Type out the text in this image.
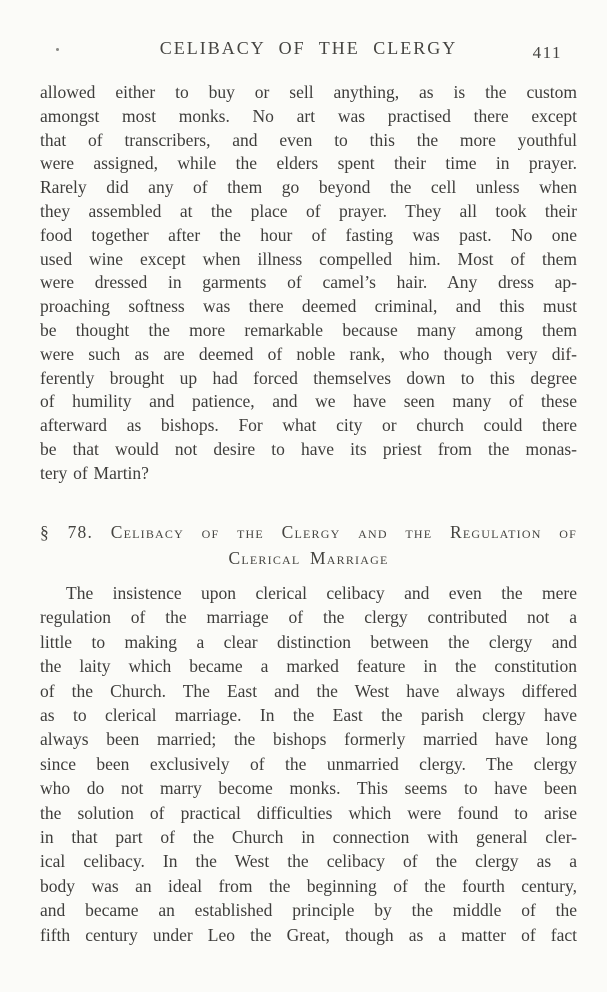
CELIBACY OF THE CLERGY	411
allowed either to buy or sell anything, as is the custom
amongst most monks. No art was practised there except
that of transcribers, and even to this the more youthful
were assigned, while the elders spent their time in prayer.
Rarely did any of them go beyond the cell unless when
they assembled at the place of prayer. They all took their
food together after the hour of fasting was past. No one
used wine except when illness compelled him. Most of them
were dressed in garments of camel’s hair. Any dress ap-
proaching softness was there deemed criminal, and this must
be thought the more remarkable because many among them
were such as are deemed of noble rank, who though very dif-
ferently brought up had forced themselves down to this degree
of humility and patience, and we have seen many of these
afterward as bishops. For what city or church could there
be that would not desire to have its priest from the monas-
tery of Martin?
§ 78. Celibacy of the Clergy and the Regulation of
Clerical Marriage
The insistence upon clerical celibacy and even the mere
regulation of the marriage of the clergy contributed not a
little to making a clear distinction between the clergy and
the laity which became a marked feature in the constitution
of the Church. The East and the West have always differed
as to clerical marriage. In the East the parish clergy have
always been married; the bishops formerly married have long
since been exclusively of the unmarried clergy. The clergy
who do not marry become monks. This seems to have been
the solution of practical difficulties which were found to arise
in that part of the Church in connection with general cler-
ical celibacy. In the West the celibacy of the clergy as a
body was an ideal from the beginning of the fourth century,
and became an established principle by the middle of the
fifth century under Leo the Great, though as a matter of fact
